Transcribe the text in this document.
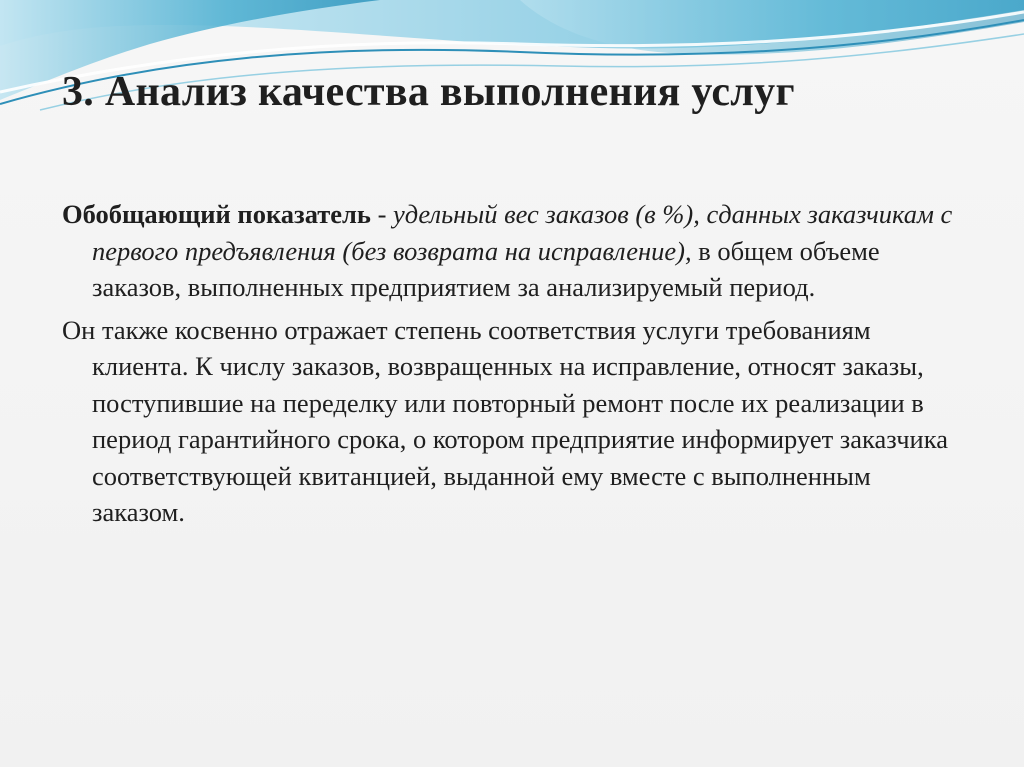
3. Анализ качества выполнения услуг

Обобщающий показатель - удельный вес заказов (в %), сданных заказчикам с первого предъявления (без возврата на исправление), в общем объеме заказов, выполненных предприятием за анализируемый период.

Он также косвенно отражает степень соответствия услуги требованиям клиента. К числу заказов, возвращенных на исправление, относят заказы, поступившие на переделку или повторный ремонт после их реализации в период гарантийного срока, о котором предприятие информирует заказчика соответствующей квитанцией, выданной ему вместе с выполненным заказом.
